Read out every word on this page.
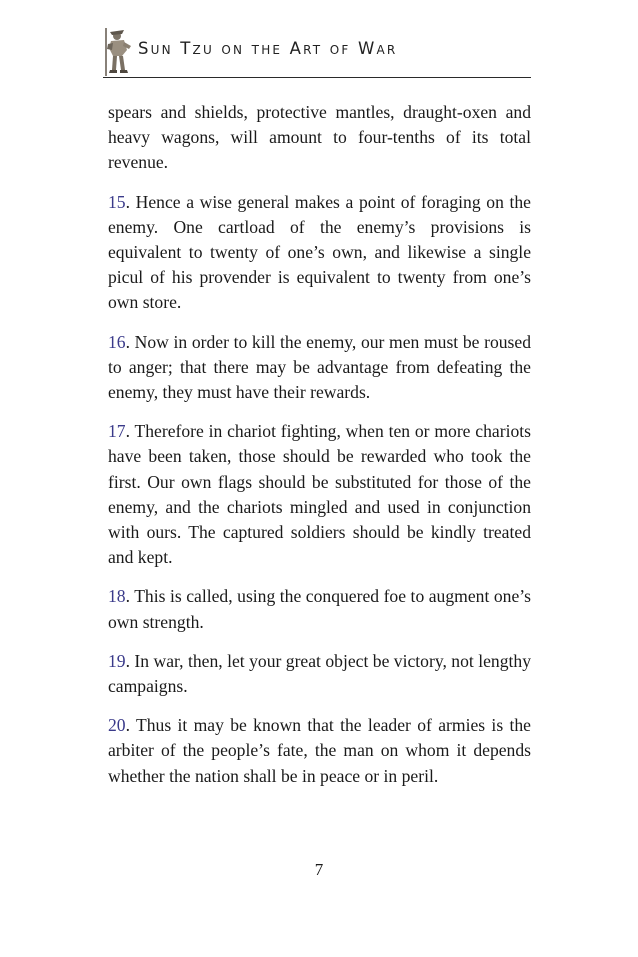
Sun Tzu on the Art of War

spears and shields, protective mantles, draught-oxen and heavy wagons, will amount to four-tenths of its total revenue.

15. Hence a wise general makes a point of foraging on the enemy. One cartload of the enemy’s provisions is equivalent to twenty of one’s own, and likewise a single picul of his provender is equivalent to twenty from one’s own store.

16. Now in order to kill the enemy, our men must be roused to anger; that there may be advantage from defeating the enemy, they must have their rewards.

17. Therefore in chariot fighting, when ten or more chariots have been taken, those should be rewarded who took the first. Our own flags should be substituted for those of the enemy, and the chariots mingled and used in conjunction with ours. The captured soldiers should be kindly treated and kept.

18. This is called, using the conquered foe to augment one’s own strength.

19. In war, then, let your great object be victory, not lengthy campaigns.

20. Thus it may be known that the leader of armies is the arbiter of the people’s fate, the man on whom it depends whether the nation shall be in peace or in peril.

7
